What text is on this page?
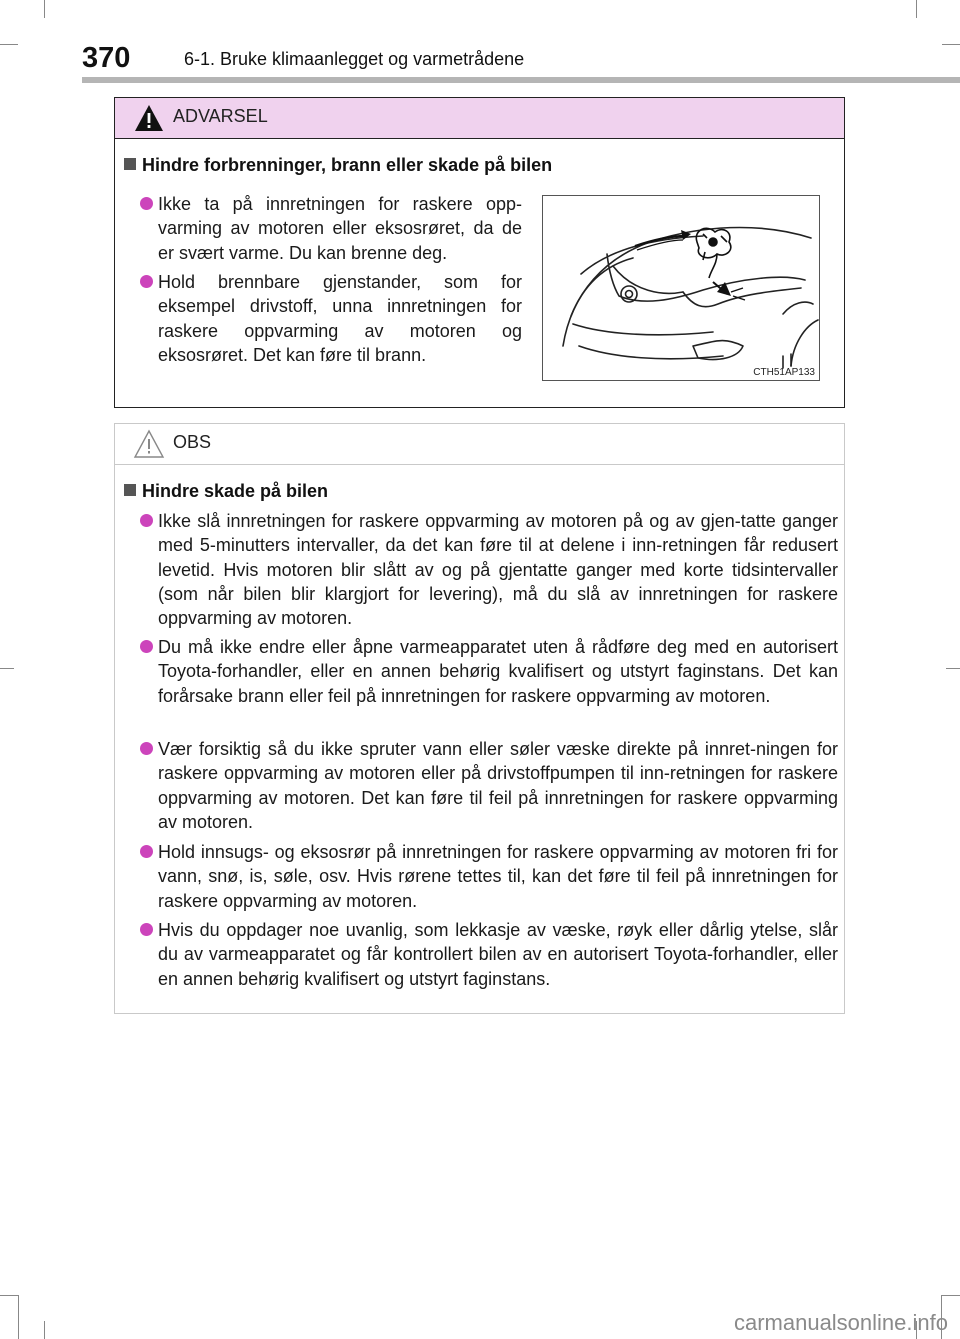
370	6-1. Bruke klimaanlegget og varmetrådene
ADVARSEL
Hindre forbrenninger, brann eller skade på bilen
Ikke ta på innretningen for raskere opp-varming av motoren eller eksosrøret, da de er svært varme. Du kan brenne deg.
Hold brennbare gjenstander, som for eksempel drivstoff, unna innretningen for raskere oppvarming av motoren og eksosrøret. Det kan føre til brann.
CTH51AP133
OBS
Hindre skade på bilen
Ikke slå innretningen for raskere oppvarming av motoren på og av gjen-tatte ganger med 5-minutters intervaller, da det kan føre til at delene i inn-retningen får redusert levetid. Hvis motoren blir slått av og på gjentatte ganger med korte tidsintervaller (som når bilen blir klargjort for levering), må du slå av innretningen for raskere oppvarming av motoren.
Du må ikke endre eller åpne varmeapparatet uten å rådføre deg med en autorisert Toyota-forhandler, eller en annen behørig kvalifisert og utstyrt faginstans. Det kan forårsake brann eller feil på innretningen for raskere oppvarming av motoren.
Vær forsiktig så du ikke spruter vann eller søler væske direkte på innret-ningen for raskere oppvarming av motoren eller på drivstoffpumpen til inn-retningen for raskere oppvarming av motoren. Det kan føre til feil på innretningen for raskere oppvarming av motoren.
Hold innsugs- og eksosrør på innretningen for raskere oppvarming av motoren fri for vann, snø, is, søle, osv. Hvis rørene tettes til, kan det føre til feil på innretningen for raskere oppvarming av motoren.
Hvis du oppdager noe uvanlig, som lekkasje av væske, røyk eller dårlig ytelse, slår du av varmeapparatet og får kontrollert bilen av en autorisert Toyota-forhandler, eller en annen behørig kvalifisert og utstyrt faginstans.
carmanualsonline.info
